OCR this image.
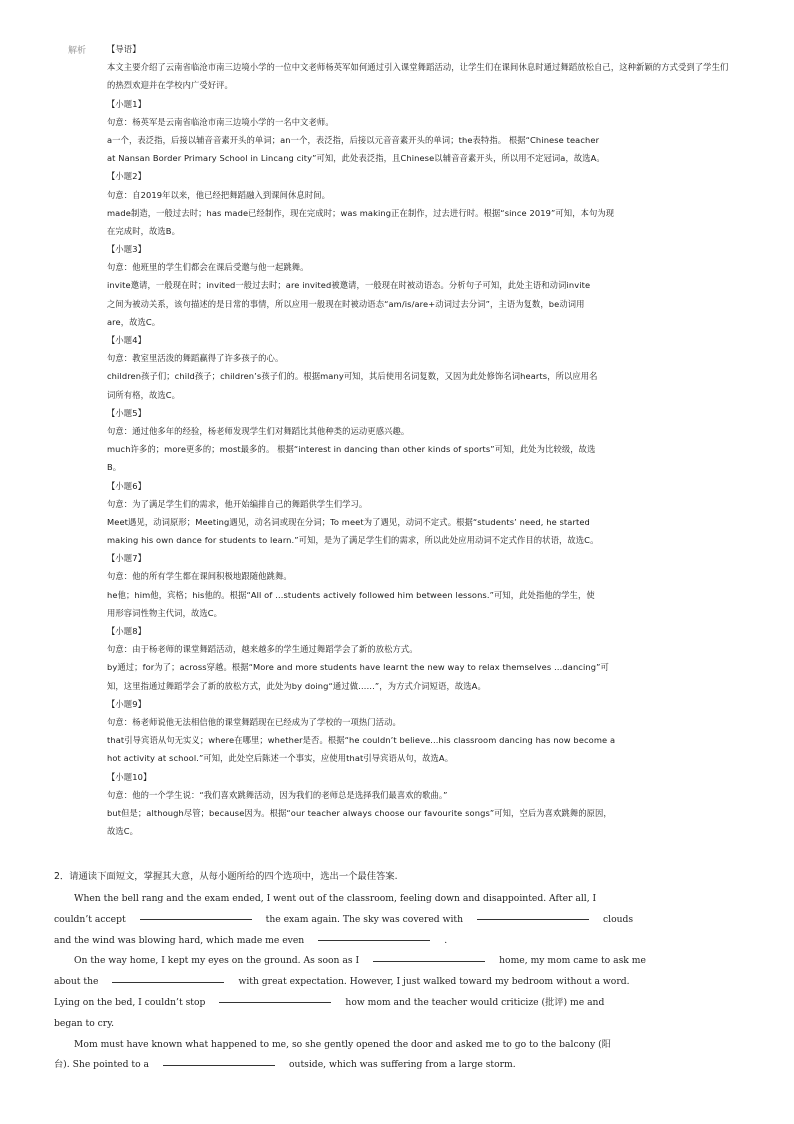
解析	【导语】
本文主要介绍了云南省临沧市南三边境小学的一位中文老师杨英军如何通过引入课堂舞蹈活动，让学生们在课间休息时通过舞蹈放松自己，这种新颖的方式受到了学生们的热烈欢迎并在学校内广受好评。
【小题1】
句意：杨英军是云南省临沧市南三边境小学的一名中文老师。
a一个，表泛指，后接以辅音音素开头的单词；an一个，表泛指，后接以元音音素开头的单词；the表特指。 根据“Chinese teacher
at Nansan Border Primary School in Lincang city”可知，此处表泛指，且Chinese以辅音音素开头，所以用不定冠词a，故选A。
【小题2】
句意：自2019年以来，他已经把舞蹈融入到课间休息时间。
made制造，一般过去时；has made已经制作，现在完成时；was making正在制作，过去进行时。根据“since 2019”可知，本句为现
在完成时，故选B。
【小题3】
句意：他班里的学生们都会在课后受邀与他一起跳舞。
invite邀请，一般现在时；invited一般过去时；are invited被邀请，一般现在时被动语态。分析句子可知，此处主语和动词invite
之间为被动关系，该句描述的是日常的事情，所以应用一般现在时被动语态“am/is/are+动词过去分词”，主语为复数，be动词用
are，故选C。
【小题4】
句意：教室里活泼的舞蹈赢得了许多孩子的心。
children孩子们；child孩子；children’s孩子们的。根据many可知，其后使用名词复数，又因为此处修饰名词hearts，所以应用名
词所有格，故选C。
【小题5】
句意：通过他多年的经验，杨老师发现学生们对舞蹈比其他种类的运动更感兴趣。
much许多的；more更多的；most最多的。 根据“interest in dancing than other kinds of sports”可知，此处为比较级，故选
B。
【小题6】
句意：为了满足学生们的需求，他开始编排自己的舞蹈供学生们学习。
Meet遇见，动词原形；Meeting遇见，动名词或现在分词；To meet为了遇见，动词不定式。根据“students’ need, he started
making his own dance for students to learn.”可知，是为了满足学生们的需求，所以此处应用动词不定式作目的状语，故选C。
【小题7】
句意：他的所有学生都在课间积极地跟随他跳舞。
he他；him他，宾格；his他的。根据“All of …students actively followed him between lessons.”可知，此处指他的学生，使
用形容词性物主代词，故选C。
【小题8】
句意：由于杨老师的课堂舞蹈活动，越来越多的学生通过舞蹈学会了新的放松方式。
by通过；for为了；across穿越。根据“More and more students have learnt the new way to relax themselves …dancing”可
知，这里指通过舞蹈学会了新的放松方式，此处为by doing“通过做……”，为方式介词短语，故选A。
【小题9】
句意：杨老师说他无法相信他的课堂舞蹈现在已经成为了学校的一项热门活动。
that引导宾语从句无实义；where在哪里；whether是否。根据“he couldn’t believe...his classroom dancing has now become a
hot activity at school.”可知，此处空后陈述一个事实，应使用that引导宾语从句，故选A。
【小题10】
句意：他的一个学生说：“我们喜欢跳舞活动，因为我们的老师总是选择我们最喜欢的歌曲。”
but但是；although尽管；because因为。根据“our teacher always choose our favourite songs”可知，空后为喜欢跳舞的原因，
故选C。
2．请通读下面短文，掌握其大意，从每小题所给的四个选项中，选出一个最佳答案.
When the bell rang and the exam ended, I went out of the classroom, feeling down and disappointed. After all, I
couldn’t accept	the exam again. The sky was covered with	clouds
and the wind was blowing hard, which made me even	.
On the way home, I kept my eyes on the ground. As soon as I	home, my mom came to ask me
about the	with great expectation. However, I just walked toward my bedroom without a word.
Lying on the bed, I couldn’t stop	how mom and the teacher would criticize (批评) me and
began to cry.
Mom must have known what happened to me, so she gently opened the door and asked me to go to the balcony (阳
台). She pointed to a	outside, which was suffering from a large storm.
